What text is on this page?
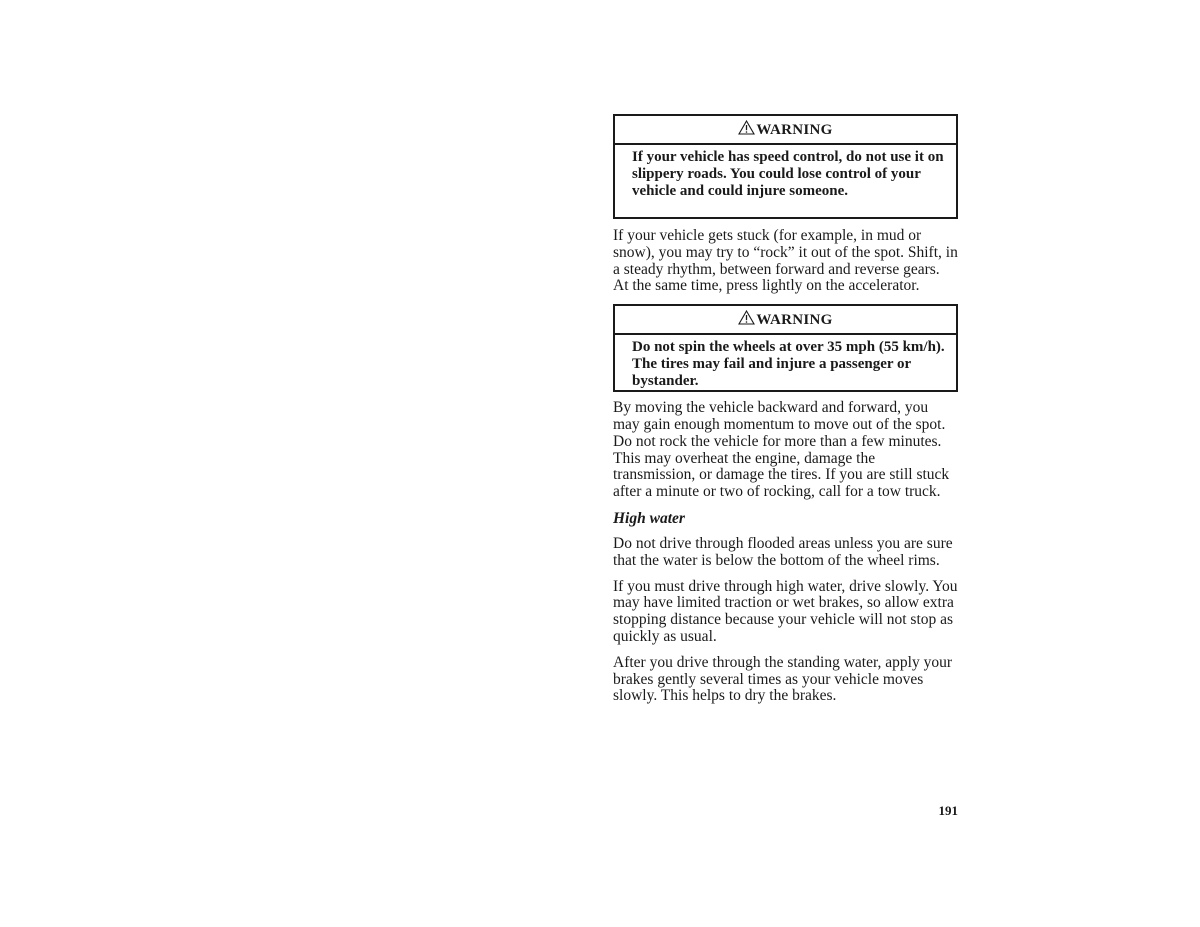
WARNING
If your vehicle has speed control, do not use it on slippery roads. You could lose control of your vehicle and could injure someone.

If your vehicle gets stuck (for example, in mud or snow), you may try to “rock” it out of the spot. Shift, in a steady rhythm, between forward and reverse gears. At the same time, press lightly on the accelerator.

WARNING
Do not spin the wheels at over 35 mph (55 km/h). The tires may fail and injure a passenger or bystander.

By moving the vehicle backward and forward, you may gain enough momentum to move out of the spot. Do not rock the vehicle for more than a few minutes. This may overheat the engine, damage the transmission, or damage the tires. If you are still stuck after a minute or two of rocking, call for a tow truck.

High water

Do not drive through flooded areas unless you are sure that the water is below the bottom of the wheel rims.

If you must drive through high water, drive slowly. You may have limited traction or wet brakes, so allow extra stopping distance because your vehicle will not stop as quickly as usual.

After you drive through the standing water, apply your brakes gently several times as your vehicle moves slowly. This helps to dry the brakes.

191
